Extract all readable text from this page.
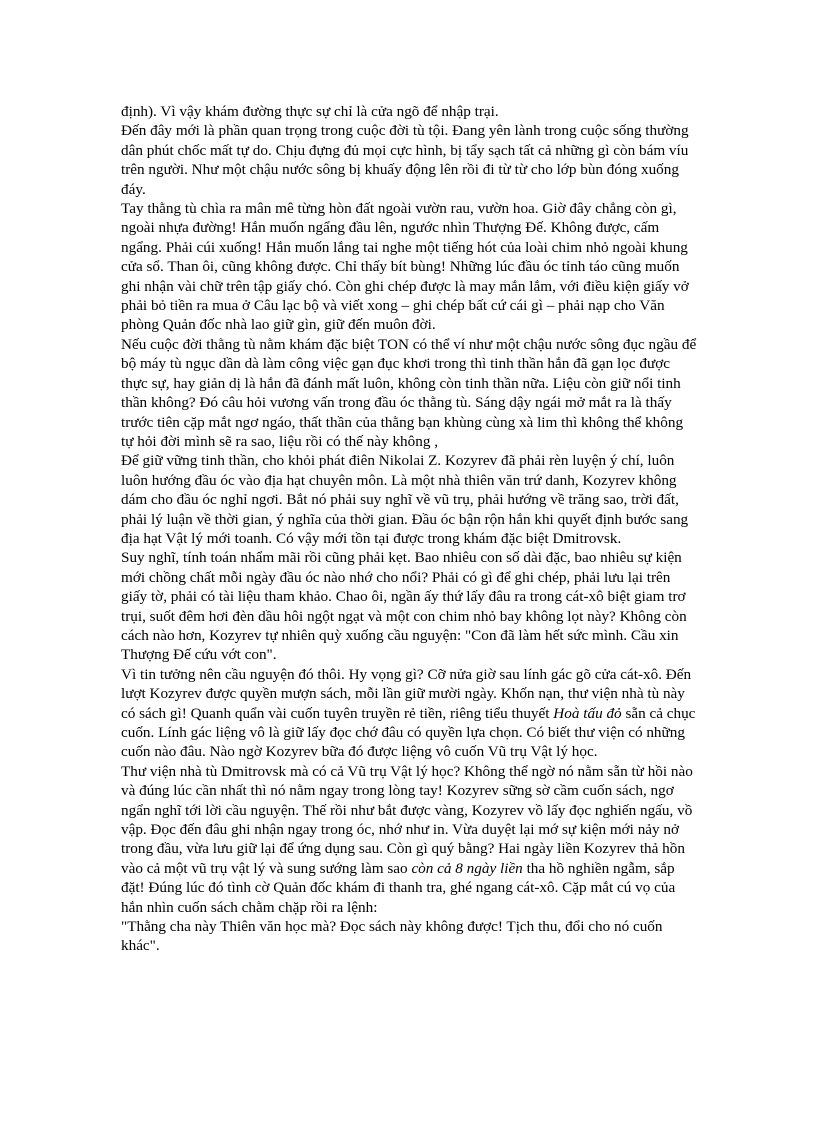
định). Vì vậy khám đường thực sự chỉ là cửa ngõ để nhập trại.

Đến đây mới là phần quan trọng trong cuộc đời tù tội. Đang yên lành trong cuộc sống thường dân phút chốc mất tự do. Chịu đựng đủ mọi cực hình, bị tẩy sạch tất cả những gì còn bám víu trên người. Như một chậu nước sông bị khuấy động lên rồi đi từ từ cho lớp bùn đóng xuống đáy.

Tay thằng tù chìa ra mân mê từng hòn đất ngoài vườn rau, vườn hoa. Giờ đây chẳng còn gì, ngoài nhựa đường! Hắn muốn ngẩng đầu lên, ngước nhìn Thượng Đế. Không được, cấm ngẩng. Phải cúi xuống! Hắn muốn lắng tai nghe một tiếng hót của loài chim nhỏ ngoài khung cửa sổ. Than ôi, cũng không được. Chỉ thấy bít bùng! Những lúc đầu óc tỉnh táo cũng muốn ghi nhận vài chữ trên tập giấy chó. Còn ghi chép được là may mắn lắm, với điều kiện giấy vở phải bỏ tiền ra mua ở Câu lạc bộ và viết xong – ghi chép bất cứ cái gì – phải nạp cho Văn phòng Quản đốc nhà lao giữ gìn, giữ đến muôn đời.

Nếu cuộc đời thằng tù nằm khám đặc biệt TON có thể ví như một chậu nước sông đục ngầu để bộ máy tù ngục dần dà làm công việc gạn đục khơi trong thì tinh thần hắn đã gạn lọc được thực sự, hay giản dị là hắn đã đánh mất luôn, không còn tinh thần nữa. Liệu còn giữ nổi tinh thần không? Đó câu hỏi vương vấn trong đầu óc thằng tù. Sáng dậy ngái mở mắt ra là thấy trước tiên cặp mắt ngơ ngáo, thất thần của thằng bạn khùng cùng xà lim thì không thể không tự hỏi đời mình sẽ ra sao, liệu rồi có thế này không ,

Để giữ vững tinh thần, cho khỏi phát điên Nikolai Z. Kozyrev đã phải rèn luyện ý chí, luôn luôn hướng đầu óc vào địa hạt chuyên môn. Là một nhà thiên văn trứ danh, Kozyrev không dám cho đầu óc nghỉ ngơi. Bắt nó phải suy nghĩ về vũ trụ, phải hướng về trăng sao, trời đất, phải lý luận về thời gian, ý nghĩa của thời gian. Đầu óc bận rộn hắn khi quyết định bước sang địa hạt Vật lý mới toanh. Có vậy mới tồn tại được trong khám đặc biệt Dmitrovsk.

Suy nghĩ, tính toán nhẩm mãi rồi cũng phải kẹt. Bao nhiêu con số dài đặc, bao nhiêu sự kiện mới chồng chất mỗi ngày đầu óc nào nhớ cho nổi? Phải có gì để ghi chép, phải lưu lại trên giấy tờ, phải có tài liệu tham khảo. Chao ôi, ngần ấy thứ lấy đâu ra trong cát-xô biệt giam trơ trụi, suốt đêm hơi đèn dầu hôi ngột ngạt và một con chim nhỏ bay không lọt này? Không còn cách nào hơn, Kozyrev tự nhiên quỳ xuống cầu nguyện: "Con đã làm hết sức mình. Cầu xin Thượng Đế cứu vớt con".

Vì tin tưởng nên cầu nguyện đó thôi. Hy vọng gì? Cỡ nửa giờ sau lính gác gõ cửa cát-xô. Đến lượt Kozyrev được quyền mượn sách, mỗi lần giữ mười ngày. Khốn nạn, thư viện nhà tù này có sách gì! Quanh quẩn vài cuốn tuyên truyền rẻ tiền, riêng tiểu thuyết Hoà tấu đỏ sẵn cả chục cuốn. Lính gác liệng vô là giữ lấy đọc chớ đâu có quyền lựa chọn. Có biết thư viện có những cuốn nào đâu. Nào ngờ Kozyrev bữa đó được liệng vô cuốn Vũ trụ Vật lý học.

Thư viện nhà tù Dmitrovsk mà có cả Vũ trụ Vật lý học? Không thể ngờ nó nằm sẵn từ hồi nào và đúng lúc cần nhất thì nó nằm ngay trong lòng tay! Kozyrev sững sờ cầm cuốn sách, ngơ ngẩn nghĩ tới lời cầu nguyện. Thế rồi như bắt được vàng, Kozyrev vồ lấy đọc nghiến ngấu, vồ vập. Đọc đến đâu ghi nhận ngay trong óc, nhớ như in. Vừa duyệt lại mớ sự kiện mới nảy nở trong đầu, vừa lưu giữ lại để ứng dụng sau. Còn gì quý bằng? Hai ngày liền Kozyrev thả hồn vào cả một vũ trụ vật lý và sung sướng làm sao còn cả 8 ngày liền tha hồ nghiền ngẫm, sắp đặt! Đúng lúc đó tình cờ Quản đốc khám đi thanh tra, ghé ngang cát-xô. Cặp mắt cú vọ của hắn nhìn cuốn sách chằm chặp rồi ra lệnh:

"Thằng cha này Thiên văn học mà? Đọc sách này không được! Tịch thu, đổi cho nó cuốn khác".
